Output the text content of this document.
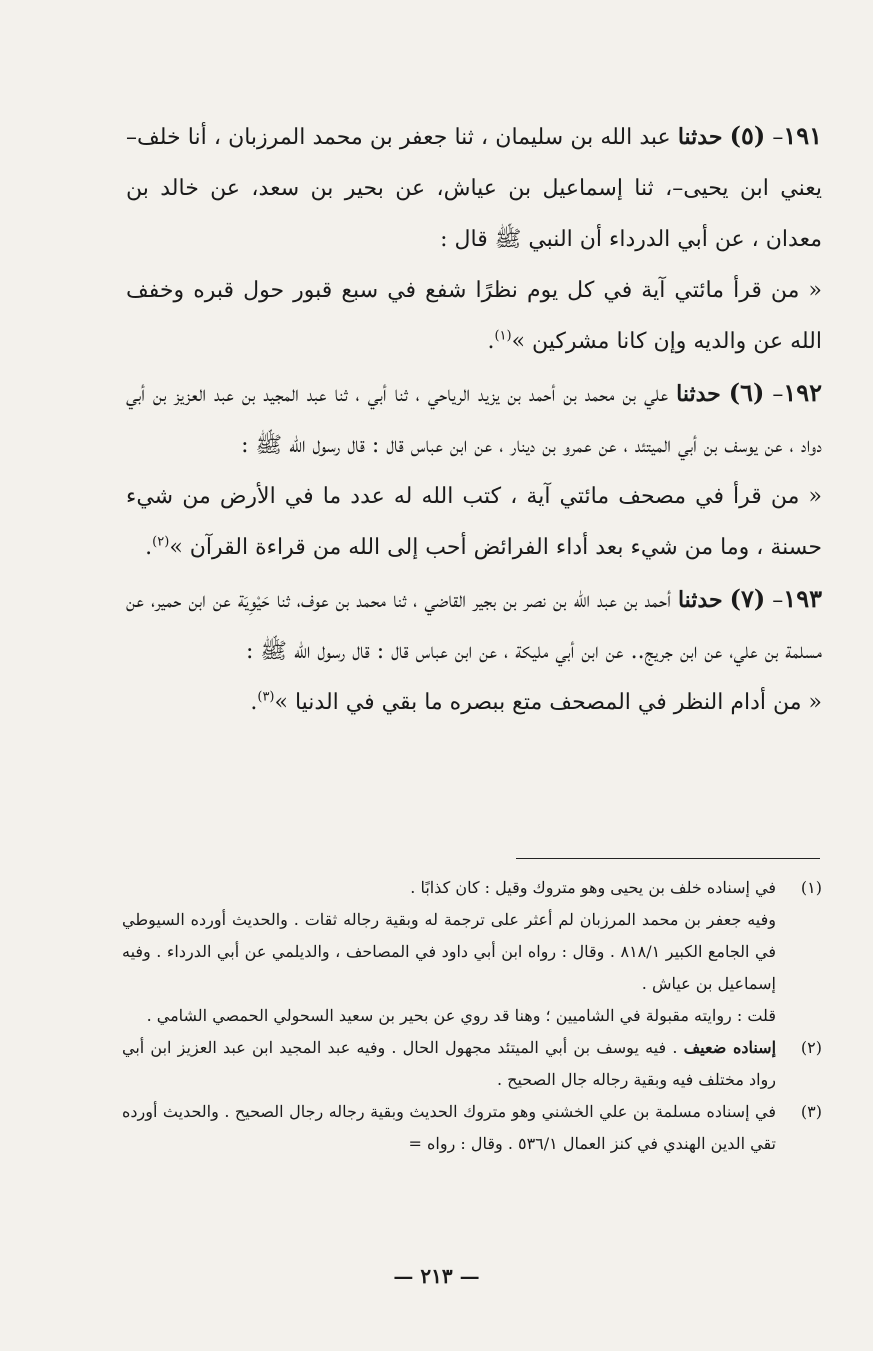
١٩١– (٥) حدثنا عبد الله بن سليمان ، ثنا جعفر بن محمد المرزبان ، أنا خلف– يعني ابن يحيى–، ثنا إسماعيل بن عياش، عن بحير بن سعد، عن خالد بن معدان ، عن أبي الدرداء أن النبي ﷺ قال :

« من قرأ مائتي آية في كل يوم نظرًا شفع في سبع قبور حول قبره وخفف الله عن والديه وإن كانا مشركين »$^{(١)}$.

١٩٢– (٦) حدثنا علي بن محمد بن أحمد بن يزيد الرياحي ، ثنا أبي ، ثنا عبد المجيد بن عبد العزيز بن أبي دواد ، عن يوسف بن أبي الميتئد ، عن عمرو بن دينار ، عن ابن عباس قال : قال رسول الله ﷺ :

« من قرأ في مصحف مائتي آية ، كتب الله له عدد ما في الأرض من شيء حسنة ، وما من شيء بعد أداء الفرائض أحب إلى الله من قراءة القرآن »$^{(٢)}$.

١٩٣– (٧) حدثنا أحمد بن عبد الله بن نصر بن بجير القاضي ، ثنا محمد بن عوف، ثنا حَيْوِيَة عن ابن حمير، عن مسلمة بن علي، عن ابن جريج.. عن ابن أبي مليكة ، عن ابن عباس قال : قال رسول الله ﷺ :

« من أدام النظر في المصحف متع ببصره ما بقي في الدنيا »$^{(٣)}$.

(١)

في إسناده خلف بن يحيى وهو متروك وقيل : كان كذابًا .

وفيه جعفر بن محمد المرزبان لم أعثر على ترجمة له وبقية رجاله ثقات . والحديث أورده السيوطي في الجامع الكبير ٨١٨/١ . وقال : رواه ابن أبي داود في المصاحف ، والديلمي عن أبي الدرداء . وفيه إسماعيل بن عياش .

قلت : روايته مقبولة في الشاميين ؛ وهنا قد روي عن بحير بن سعيد السحولي الحمصي الشامي .

(٢)

إسناده ضعيف . فيه يوسف بن أبي الميتئد مجهول الحال . وفيه عبد المجيد ابن عبد العزيز ابن أبي رواد مختلف فيه وبقية رجاله جال الصحيح .

(٣)

في إسناده مسلمة بن علي الخشني وهو متروك الحديث وبقية رجاله رجال الصحيح . والحديث أورده تقي الدين الهندي في كنز العمال ٥٣٦/١ . وقال : رواه =

— ٢١٣ —
